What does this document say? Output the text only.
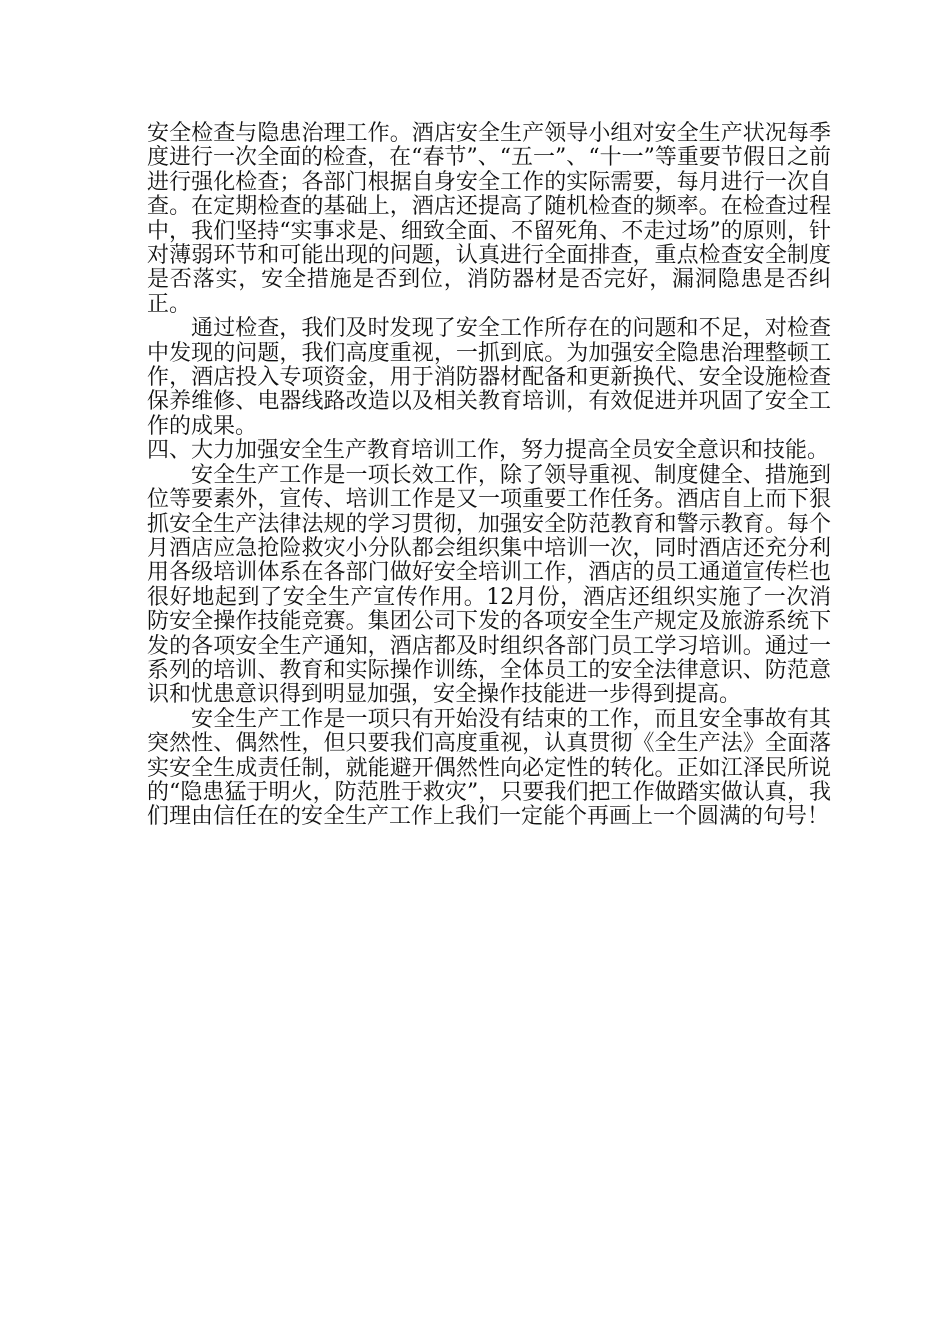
安全检查与隐患治理工作。酒店安全生产领导小组对安全生产状况每季度进行一次全面的检查，在“春节”、“五一”、“十一”等重要节假日之前进行强化检查；各部门根据自身安全工作的实际需要，每月进行一次自查。在定期检查的基础上，酒店还提高了随机检查的频率。在检查过程中，我们坚持“实事求是、细致全面、不留死角、不走过场”的原则，针对薄弱环节和可能出现的问题，认真进行全面排查，重点检查安全制度是否落实，安全措施是否到位，消防器材是否完好，漏洞隐患是否纠正。

通过检查，我们及时发现了安全工作所存在的问题和不足，对检查中发现的问题，我们高度重视，一抓到底。为加强安全隐患治理整顿工作，酒店投入专项资金，用于消防器材配备和更新换代、安全设施检查保养维修、电器线路改造以及相关教育培训，有效促进并巩固了安全工作的成果。

四、大力加强安全生产教育培训工作，努力提高全员安全意识和技能。

安全生产工作是一项长效工作，除了领导重视、制度健全、措施到位等要素外，宣传、培训工作是又一项重要工作任务。酒店自上而下狠抓安全生产法律法规的学习贯彻，加强安全防范教育和警示教育。每个月酒店应急抢险救灾小分队都会组织集中培训一次，同时酒店还充分利用各级培训体系在各部门做好安全培训工作，酒店的员工通道宣传栏也很好地起到了安全生产宣传作用。12月份，酒店还组织实施了一次消防安全操作技能竞赛。集团公司下发的各项安全生产规定及旅游系统下发的各项安全生产通知，酒店都及时组织各部门员工学习培训。通过一系列的培训、教育和实际操作训练，全体员工的安全法律意识、防范意识和忧患意识得到明显加强，安全操作技能进一步得到提高。

安全生产工作是一项只有开始没有结束的工作，而且安全事故有其突然性、偶然性，但只要我们高度重视，认真贯彻《全生产法》全面落实安全生成责任制，就能避开偶然性向必定性的转化。正如江泽民所说的“隐患猛于明火，防范胜于救灾”，只要我们把工作做踏实做认真，我们理由信任在的安全生产工作上我们一定能个再画上一个圆满的句号！
